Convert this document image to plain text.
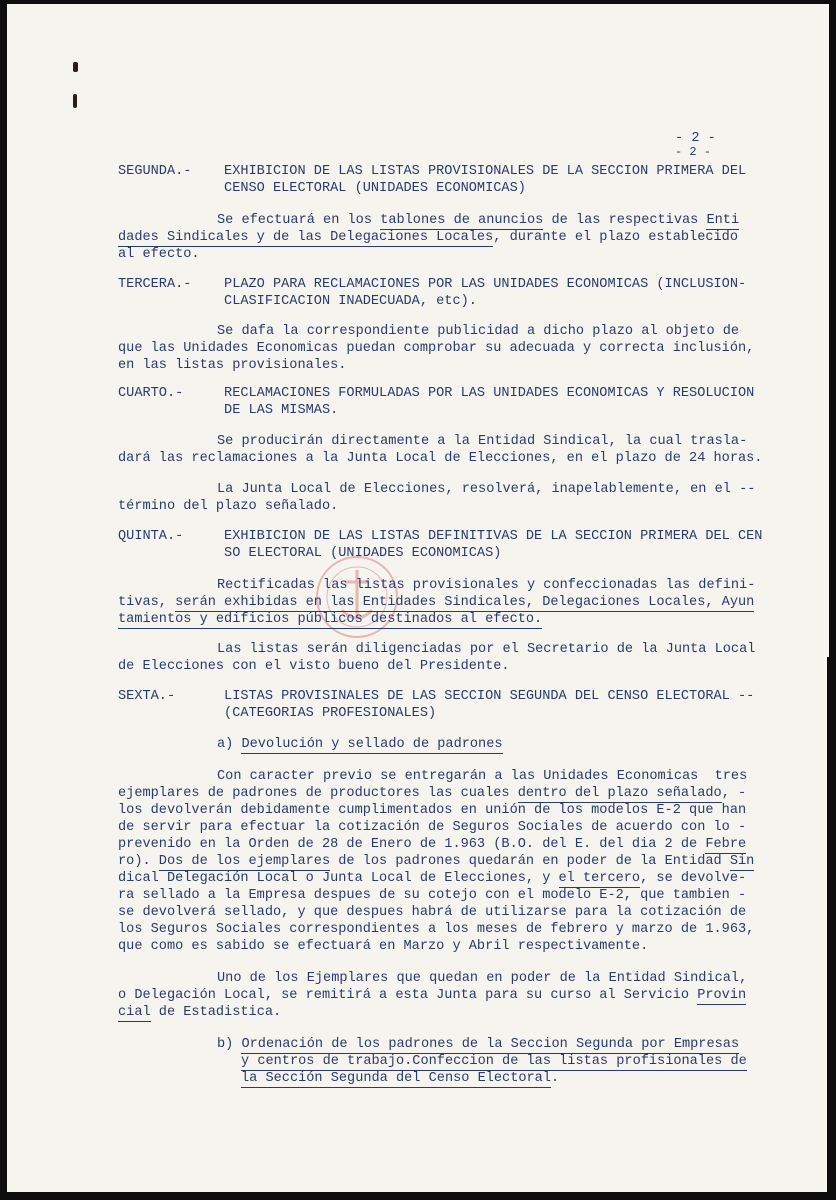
- 2 -
- 2 -
SEGUNDA.-    EXHIBICION DE LAS LISTAS PROVISIONALES DE LA SECCION PRIMERA DEL
CENSO ELECTORAL (UNIDADES ECONOMICAS)
Se efectuará en los tablones de anuncios de las respectivas Enti
dades Sindicales y de las Delegaciones Locales, durante el plazo establecido
al efecto.
TERCERA.-    PLAZO PARA RECLAMACIONES POR LAS UNIDADES ECONOMICAS (INCLUSION-
CLASIFICACION INADECUADA, etc).
Se dafa la correspondiente publicidad a dicho plazo al objeto de
que las Unidades Economicas puedan comprobar su adecuada y correcta inclusión,
en las listas provisionales.
CUARTO.-     RECLAMACIONES FORMULADAS POR LAS UNIDADES ECONOMICAS Y RESOLUCION
DE LAS MISMAS.
Se producirán directamente a la Entidad Sindical, la cual trasla-
dará las reclamaciones a la Junta Local de Elecciones, en el plazo de 24 horas.
La Junta Local de Elecciones, resolverá, inapelablemente, en el --
término del plazo señalado.
QUINTA.-     EXHIBICION DE LAS LISTAS DEFINITIVAS DE LA SECCION PRIMERA DEL CEN
SO ELECTORAL (UNIDADES ECONOMICAS)
Rectificadas las listas provisionales y confeccionadas las defini-
tivas, serán exhibidas en las Entidades Sindicales, Delegaciones Locales, Ayun
tamientos y edificios públicos destinados al efecto.
Las listas serán diligenciadas por el Secretario de la Junta Local
de Elecciones con el visto bueno del Presidente.
SEXTA.-      LISTAS PROVISINALES DE LAS SECCION SEGUNDA DEL CENSO ELECTORAL --
(CATEGORIAS PROFESIONALES)
a) Devolución y sellado de padrones
Con caracter previo se entregarán a las Unidades Economicas  tres
ejemplares de padrones de productores las cuales dentro del plazo señalado, -
los devolverán debidamente cumplimentados en unión de los modelos E-2 que han
de servir para efectuar la cotización de Seguros Sociales de acuerdo con lo -
prevenido en la Orden de 28 de Enero de 1.963 (B.O. del E. del dia 2 de Febre
ro). Dos de los ejemplares de los padrones quedarán en poder de la Entidad Sin
dical Delegación Local o Junta Local de Elecciones, y el tercero, se devolve-
ra sellado a la Empresa despues de su cotejo con el modelo E-2, que tambien -
se devolverá sellado, y que despues habrá de utilizarse para la cotización de
los Seguros Sociales correspondientes a los meses de febrero y marzo de 1.963,
que como es sabido se efectuará en Marzo y Abril respectivamente.
Uno de los Ejemplares que quedan en poder de la Entidad Sindical,
o Delegación Local, se remitirá a esta Junta para su curso al Servicio Provin
cial de Estadistica.
b) Ordenación de los padrones de la Seccion Segunda por Empresas
y centros de trabajo.Confeccion de las listas profisionales de
la Sección Segunda del Censo Electoral.
